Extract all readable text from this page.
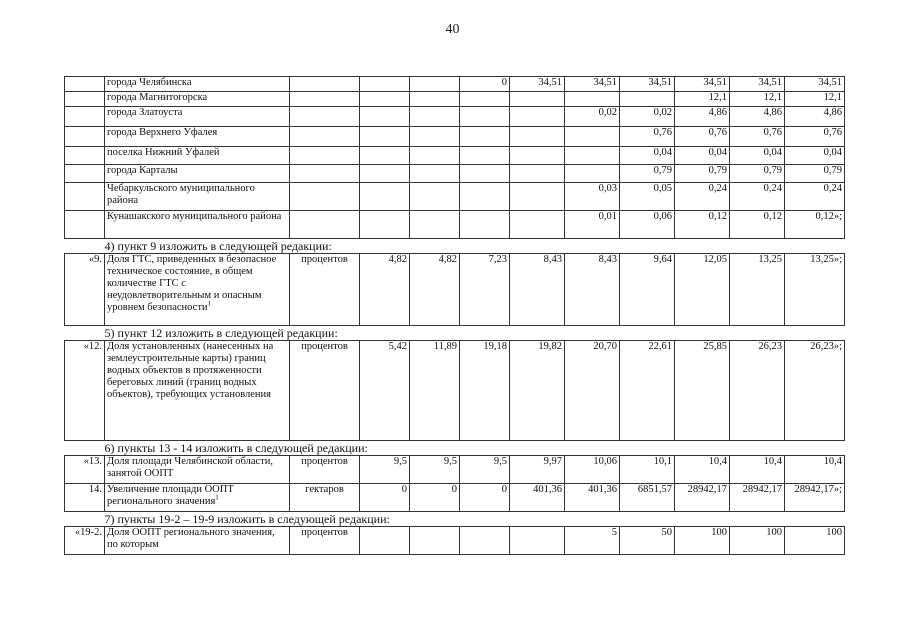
40
	города Челябинска				0	34,51	34,51	34,51	34,51	34,51	34,51
	города Магнитогорска								12,1	12,1	12,1
	города Златоуста						0,02	0,02	4,86	4,86	4,86
	города Верхнего Уфалея							0,76	0,76	0,76	0,76
	поселка Нижний Уфалей							0,04	0,04	0,04	0,04
	города Карталы							0,79	0,79	0,79	0,79
	Чебаркульского муниципального района						0,03	0,05	0,24	0,24	0,24
	Кунашакского муниципального района						0,01	0,06	0,12	0,12	0,12»;
4) пункт 9 изложить в следующей редакции:											
«9.	Доля ГТС, приведенных в безопасное техническое состояние, в общем количестве ГТС с неудовлетворительным и опасным уровнем безопасности$^1$	процентов	4,82	4,82	7,23	8,43	8,43	9,64	12,05	13,25	13,25»;
5) пункт 12 изложить в следующей редакции:											
«12.	Доля установленных (нанесенных на землеустроительные карты) границ водных объектов в протяженности береговых линий (границ водных объектов), требующих установления	процентов	5,42	11,89	19,18	19,82	20,70	22,61	25,85	26,23	26,23»;
6) пункты 13 - 14 изложить в следующей редакции:											
«13.	Доля площади Челябинской области, занятой ООПТ	процентов	9,5	9,5	9,5	9,97	10,06	10,1	10,4	10,4	10,4
14.	Увеличение площади ООПТ регионального значения$^1$	гектаров	0	0	0	401,36	401,36	6851,57	28942,17	28942,17	28942,17»;
7) пункты 19-2 – 19-9 изложить в следующей редакции:											
«19-2.	Доля ООПТ регионального значения, по которым	процентов					5	50	100	100	100
